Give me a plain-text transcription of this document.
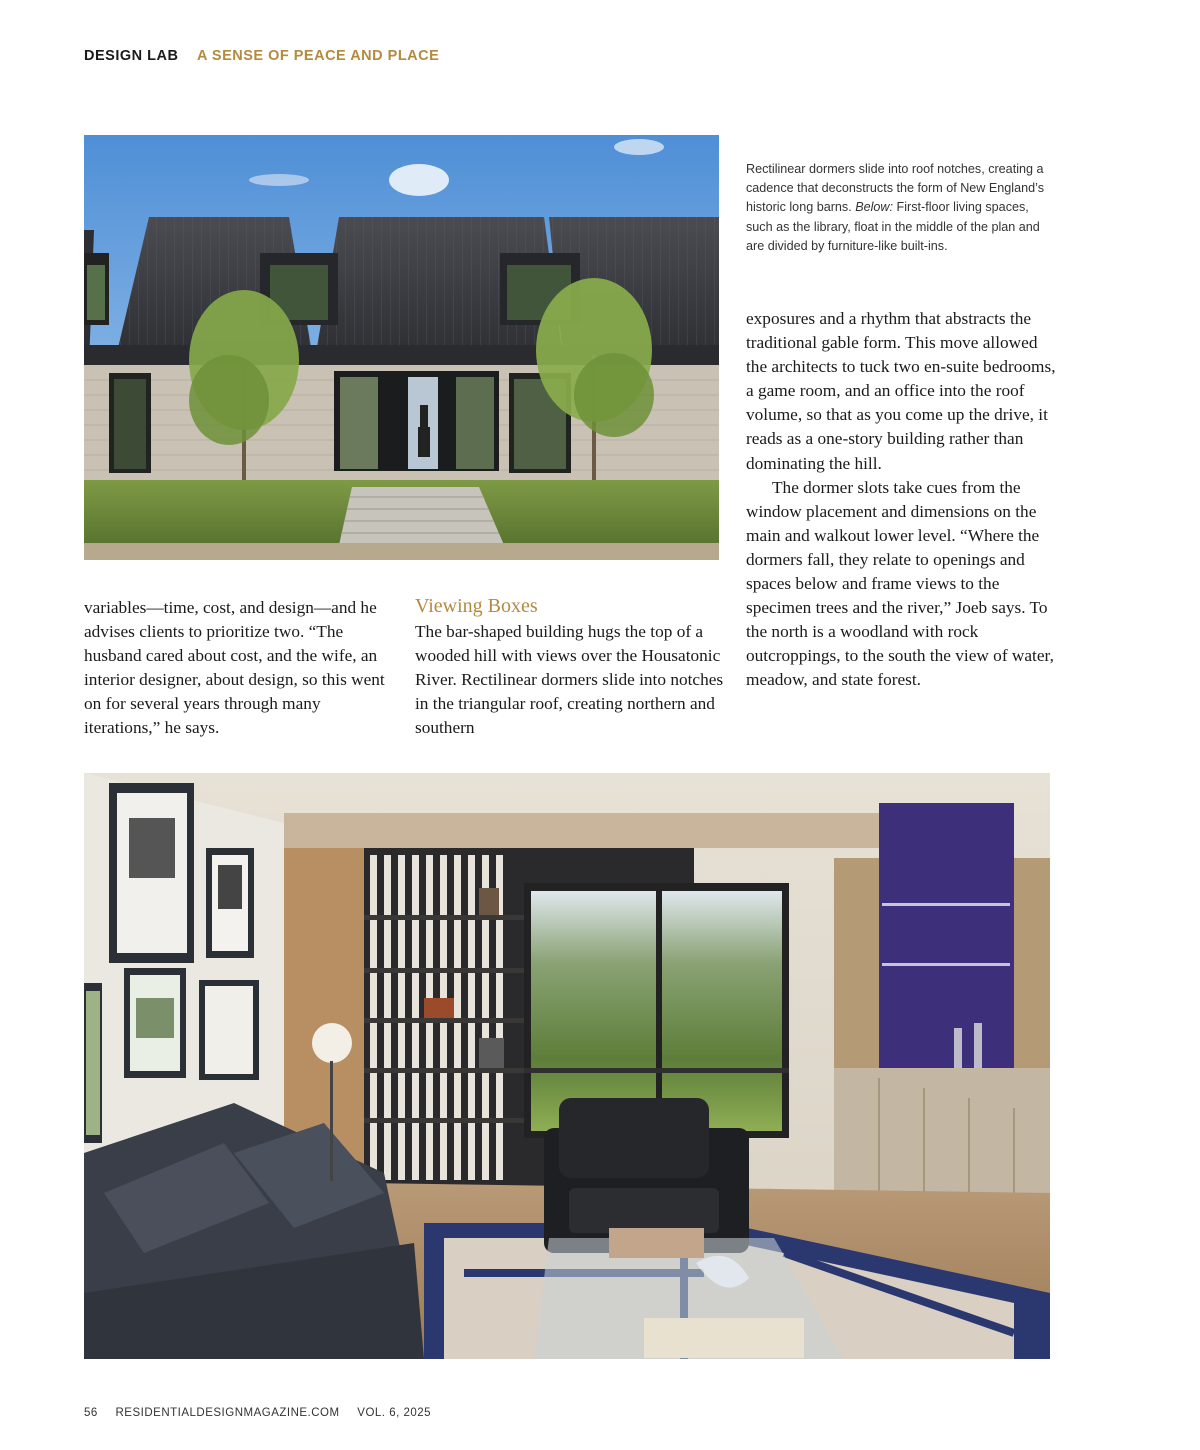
DESIGN LAB A SENSE OF PEACE AND PLACE
Rectilinear dormers slide into roof notches, creating a cadence that deconstructs the form of New England’s historic long barns. Below: First-floor living spaces, such as the library, float in the middle of the plan and are divided by furniture-like built-ins.

exposures and a rhythm that abstracts the traditional gable form. This move allowed the architects to tuck two en-suite bedrooms, a game room, and an office into the roof volume, so that as you come up the drive, it reads as a one-story building rather than dominating the hill.

The dormer slots take cues from the window placement and dimensions on the main and walkout lower level. “Where the dormers fall, they relate to openings and spaces below and frame views to the specimen trees and the river,” Joeb says. To the north is a woodland with rock outcroppings, to the south the view of water, meadow, and state forest.

variables—time, cost, and design—and he advises clients to prioritize two. “The husband cared about cost, and the wife, an interior designer, about design, so this went on for several years through many iterations,” he says.

Viewing Boxes

The bar-shaped building hugs the top of a wooded hill with views over the Housatonic River. Rectilinear dormers slide into notches in the triangular roof, creating northern and southern

56 RESIDENTIALDESIGNMAGAZINE.COM VOL. 6, 2025
